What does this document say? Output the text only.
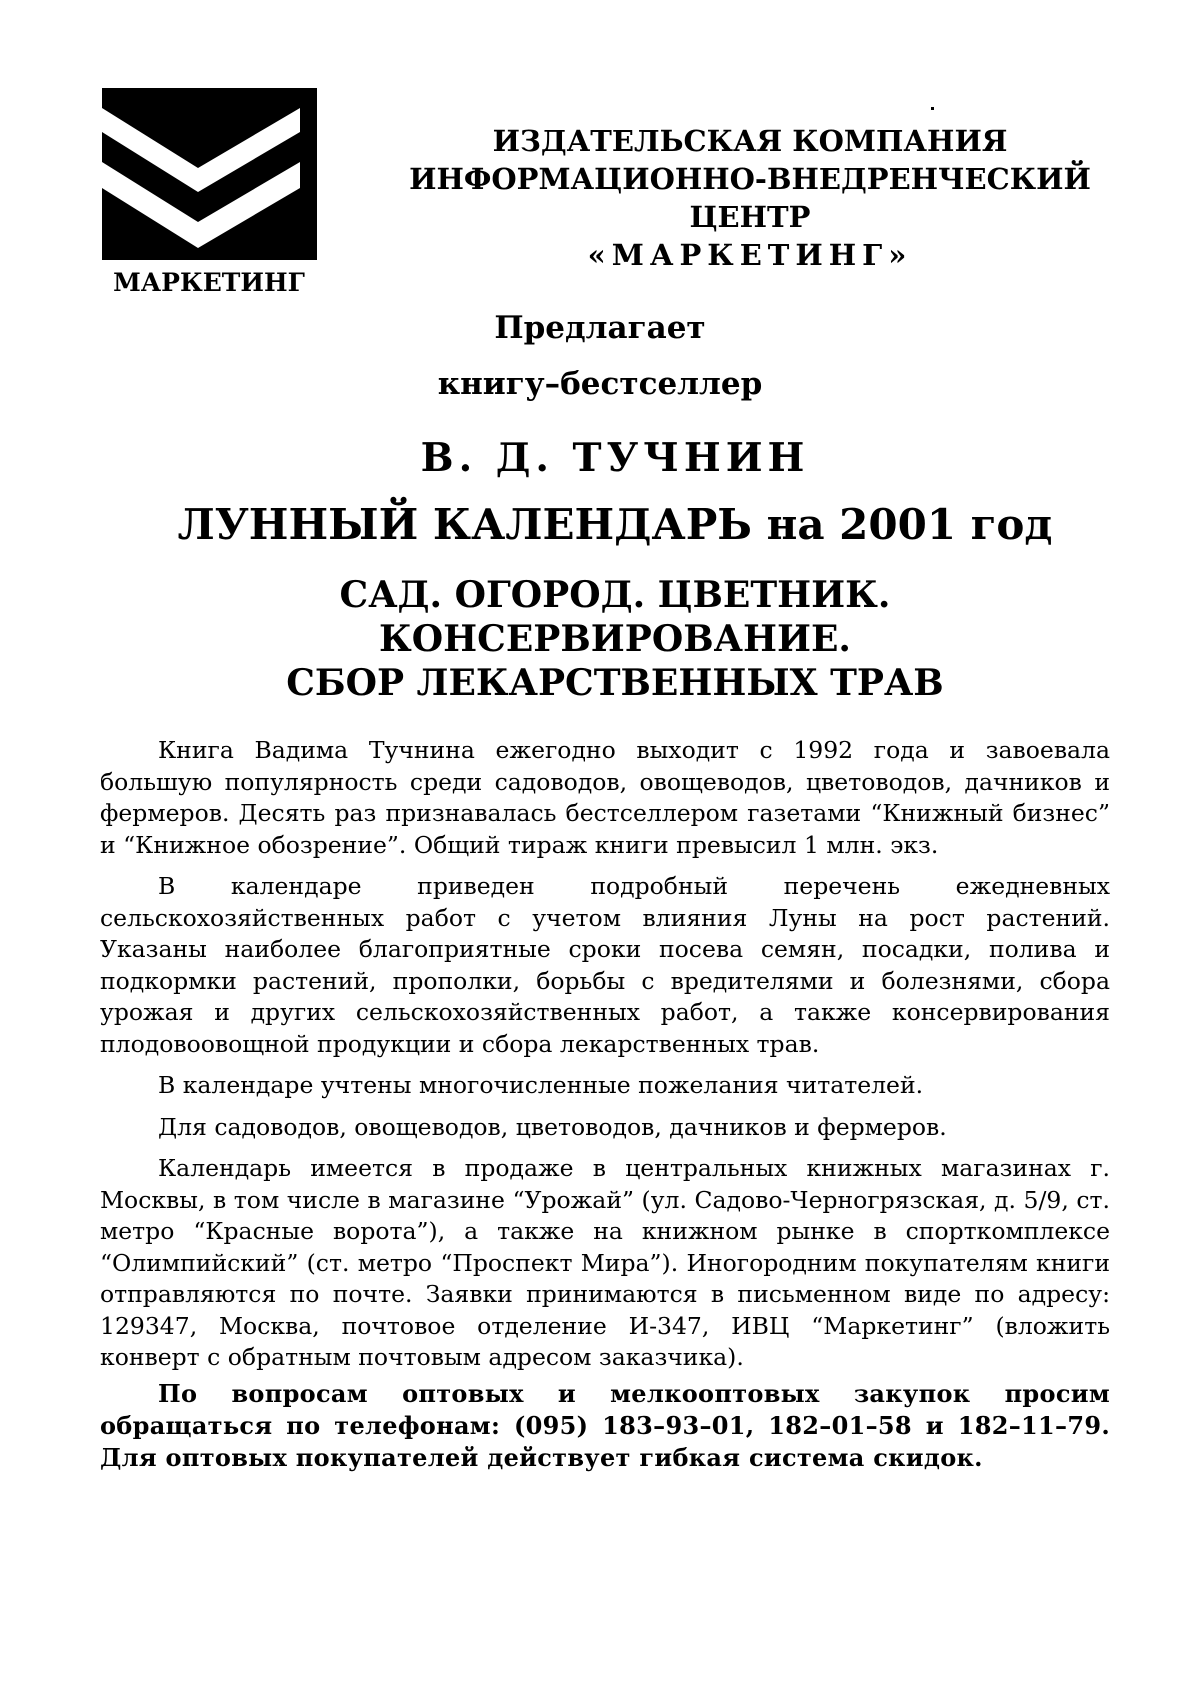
МАРКЕТИНГ
ИЗДАТЕЛЬСКАЯ КОМПАНИЯ
ИНФОРМАЦИОННО-ВНЕДРЕНЧЕСКИЙ
ЦЕНТР
«МАРКЕТИНГ»
Предлагает
книгу–бестселлер
В. Д. ТУЧНИН
ЛУННЫЙ КАЛЕНДАРЬ на 2001 год
САД. ОГОРОД. ЦВЕТНИК.
КОНСЕРВИРОВАНИЕ.
СБОР ЛЕКАРСТВЕННЫХ ТРАВ

Книга Вадима Тучнина ежегодно выходит с 1992 года и завоевала большую популярность среди садоводов, овощеводов, цветоводов, дачников и фермеров. Десять раз признавалась бестселлером газетами “Книжный бизнес” и “Книжное обозрение”. Общий тираж книги превысил 1 млн. экз.

В календаре приведен подробный перечень ежедневных сельскохозяйственных работ с учетом влияния Луны на рост растений. Указаны наиболее благоприятные сроки посева семян, посадки, полива и подкормки растений, прополки, борьбы с вредителями и болезнями, сбора урожая и других сельскохозяйственных работ, а также консервирования плодовоовощной продукции и сбора лекарственных трав.

В календаре учтены многочисленные пожелания читателей.

Для садоводов, овощеводов, цветоводов, дачников и фермеров.

Календарь имеется в продаже в центральных книжных магазинах г. Москвы, в том числе в магазине “Урожай” (ул. Садово-Черногрязская, д. 5/9, ст. метро “Красные ворота”), а также на книжном рынке в спорткомплексе “Олимпийский” (ст. метро “Проспект Мира”). Иногородним покупателям книги отправляются по почте. Заявки принимаются в письменном виде по адресу: 129347, Москва, почтовое отделение И-347, ИВЦ “Маркетинг” (вложить конверт с обратным почтовым адресом заказчика).

По вопросам оптовых и мелкооптовых закупок просим обращаться по телефонам: (095) 183–93–01, 182–01–58 и 182–11–79. Для оптовых покупателей действует гибкая система скидок.
